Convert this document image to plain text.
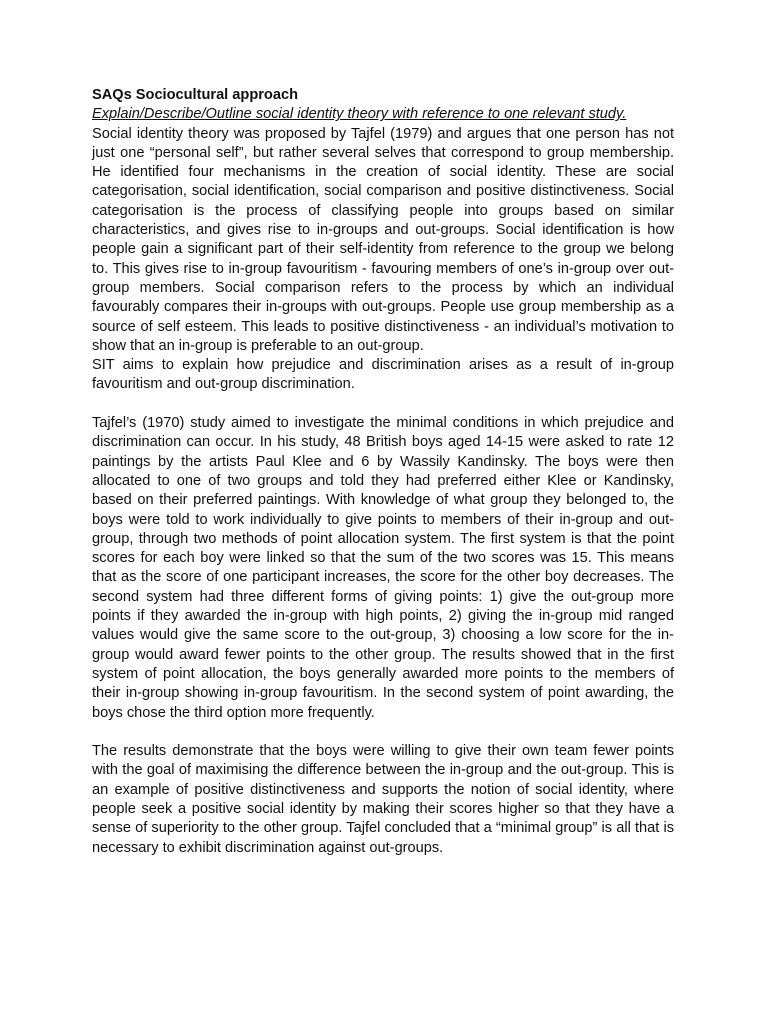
SAQs Sociocultural approach
Explain/Describe/Outline social identity theory with reference to one relevant study.

Social identity theory was proposed by Tajfel (1979) and argues that one person has not just one “personal self”, but rather several selves that correspond to group membership. He identified four mechanisms in the creation of social identity. These are social categorisation, social identification, social comparison and positive distinctiveness. Social categorisation is the process of classifying people into groups based on similar characteristics, and gives rise to in-groups and out-groups. Social identification is how people gain a significant part of their self-identity from reference to the group we belong to. This gives rise to in-group favouritism - favouring members of one’s in-group over out-group members. Social comparison refers to the process by which an individual favourably compares their in-groups with out-groups. People use group membership as a source of self esteem. This leads to positive distinctiveness - an individual’s motivation to show that an in-group is preferable to an out-group.

SIT aims to explain how prejudice and discrimination arises as a result of in-group favouritism and out-group discrimination.

Tajfel’s (1970) study aimed to investigate the minimal conditions in which prejudice and discrimination can occur. In his study, 48 British boys aged 14-15 were asked to rate 12 paintings by the artists Paul Klee and 6 by Wassily Kandinsky. The boys were then allocated to one of two groups and told they had preferred either Klee or Kandinsky, based on their preferred paintings. With knowledge of what group they belonged to, the boys were told to work individually to give points to members of their in-group and out-group, through two methods of point allocation system. The first system is that the point scores for each boy were linked so that the sum of the two scores was 15. This means that as the score of one participant increases, the score for the other boy decreases. The second system had three different forms of giving points: 1) give the out-group more points if they awarded the in-group with high points, 2) giving the in-group mid ranged values would give the same score to the out-group, 3) choosing a low score for the in-group would award fewer points to the other group. The results showed that in the first system of point allocation, the boys generally awarded more points to the members of their in-group showing in-group favouritism. In the second system of point awarding, the boys chose the third option more frequently.

The results demonstrate that the boys were willing to give their own team fewer points with the goal of maximising the difference between the in-group and the out-group. This is an example of positive distinctiveness and supports the notion of social identity, where people seek a positive social identity by making their scores higher so that they have a sense of superiority to the other group. Tajfel concluded that a “minimal group” is all that is necessary to exhibit discrimination against out-groups.
